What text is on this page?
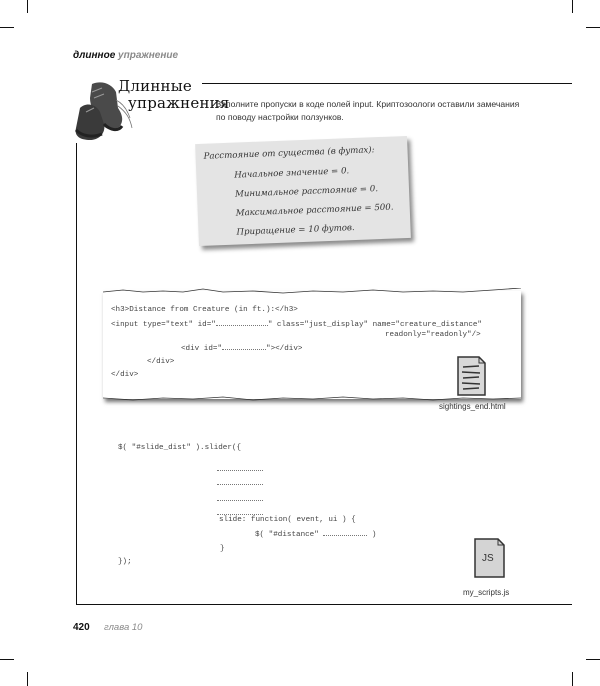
длинное упражнение
Длинные
упражнения
Заполните пропуски в коде полей input. Криптозоологи оставили замечания
по поводу настройки ползунков.
Расстояние от существа (в футах):
Начальное значение = 0.
Минимальное расстояние = 0.
Максимальное расстояние = 500.
Приращение = 10 футов.
<h3>Distance from Creature (in ft.):</h3>
<input type="text" id="	" class="just_display" name="creature_distance"
readonly="readonly"/>
<div id="	"></div>
</div>
</div>
sightings_end.html
$( "#slide_dist" ).slider({
slide: function( event, ui ) {
$( "#distance"	)
}
});	JS
my_scripts.js
420 глава 10
